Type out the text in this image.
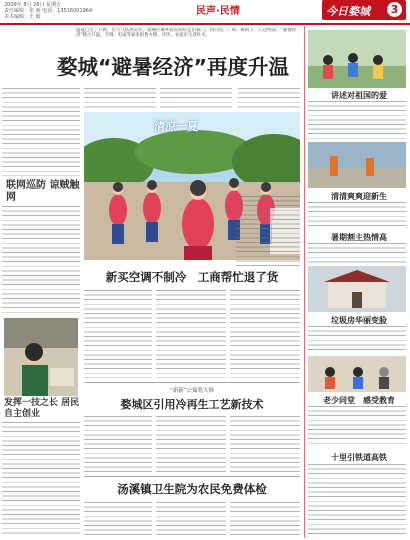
2009年 8月 28日 星期五
责任编辑：张 新 电话：13516001964
美术编辑：王 敏	民声·民情	今日婺城	3
盛夏已过了立秋，但天气依然炎热，婺城区城乡居民纷纷走出家门，到公园、广场、树荫下、江边纳凉，“避暑经济”随之升温，空调、电扇等家电销售火爆，冷饮、农家乐生意红火。
婺城“避暑经济”再度升温
清凉一夏
联网巡防 谅贼触网
发挥一技之长 居民自主创业
新买空调不制冷　工商帮忙退了货
“新新”公寓将大修
婺城区引用冷再生工艺新技术
汤溪镇卫生院为农民免费体检
讲述对祖国的爱
清清爽爽迎新生
暑期割主热情高
垃圾房华丽变脸
老少同堂　感受教育
十里引铁道高铁
